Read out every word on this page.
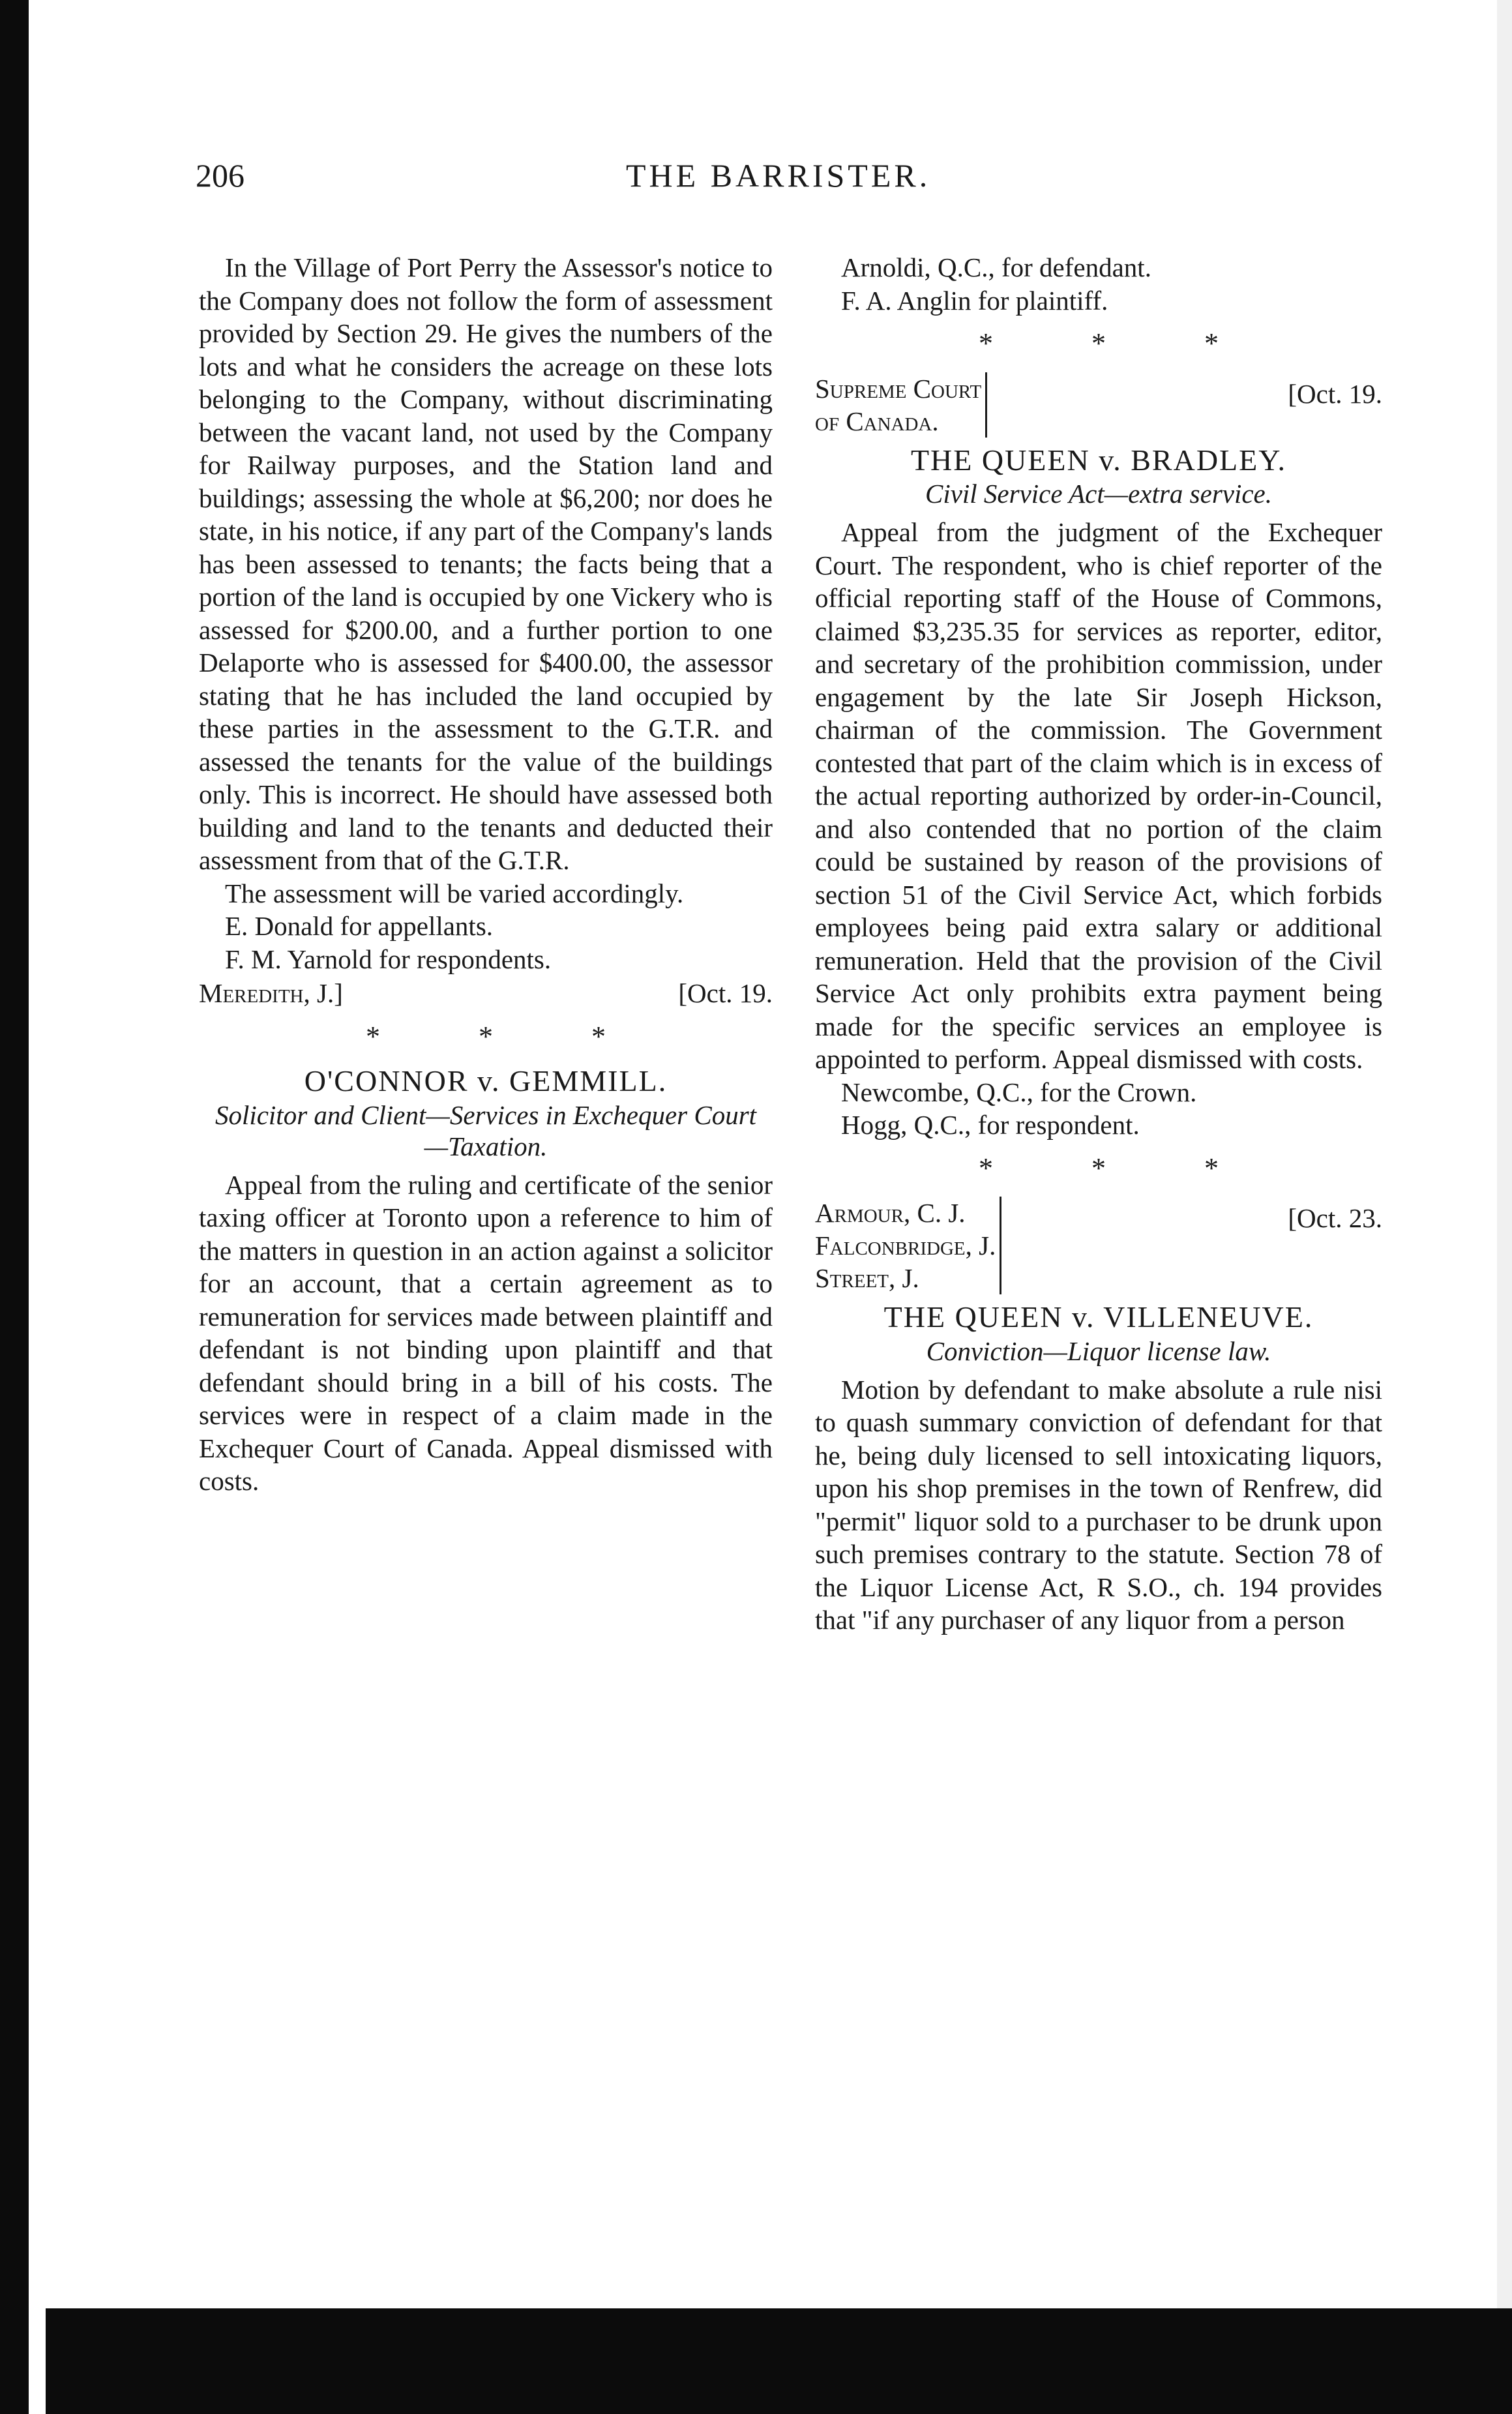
206	THE BARRISTER.

In the Village of Port Perry the Assessor's notice to the Company does not follow the form of assessment provided by Section 29. He gives the numbers of the lots and what he considers the acreage on these lots belonging to the Company, without discriminating between the vacant land, not used by the Company for Railway purposes, and the Station land and buildings; assessing the whole at $6,200; nor does he state, in his notice, if any part of the Company's lands has been assessed to tenants; the facts being that a portion of the land is occupied by one Vickery who is assessed for $200.00, and a further portion to one Delaporte who is assessed for $400.00, the assessor stating that he has included the land occupied by these parties in the assessment to the G.T.R. and assessed the tenants for the value of the buildings only. This is incorrect. He should have assessed both building and land to the tenants and deducted their assessment from that of the G.T.R.

The assessment will be varied accordingly.

E. Donald for appellants.

F. M. Yarnold for respondents.

Meredith, J.]	[Oct. 19.
* * *
O'CONNOR v. GEMMILL.
Solicitor and Client—Services in Exchequer Court—Taxation.

Appeal from the ruling and certificate of the senior taxing officer at Toronto upon a reference to him of the matters in question in an action against a solicitor for an account, that a certain agreement as to remuneration for services made between plaintiff and defendant is not binding upon plaintiff and that defendant should bring in a bill of his costs. The services were in respect of a claim made in the Exchequer Court of Canada. Appeal dismissed with costs.

Arnoldi, Q.C., for defendant.

F. A. Anglin for plaintiff.

* * *
Supreme Court
of Canada.
[Oct. 19.
THE QUEEN v. BRADLEY.
Civil Service Act—extra service.

Appeal from the judgment of the Exchequer Court. The respondent, who is chief reporter of the official reporting staff of the House of Commons, claimed $3,235.35 for services as reporter, editor, and secretary of the prohibition commission, under engagement by the late Sir Joseph Hickson, chairman of the commission. The Government contested that part of the claim which is in excess of the actual reporting authorized by order-in-Council, and also contended that no portion of the claim could be sustained by reason of the provisions of section 51 of the Civil Service Act, which forbids employees being paid extra salary or additional remuneration. Held that the provision of the Civil Service Act only prohibits extra payment being made for the specific services an employee is appointed to perform. Appeal dismissed with costs.

Newcombe, Q.C., for the Crown.

Hogg, Q.C., for respondent.

* * *
Armour, C. J.
Falconbridge, J.
Street, J.
[Oct. 23.
THE QUEEN v. VILLENEUVE.
Conviction—Liquor license law.

Motion by defendant to make absolute a rule nisi to quash summary conviction of defendant for that he, being duly licensed to sell intoxicating liquors, upon his shop premises in the town of Renfrew, did "permit" liquor sold to a purchaser to be drunk upon such premises contrary to the statute. Section 78 of the Liquor License Act, R S.O., ch. 194 provides that "if any purchaser of any liquor from a person
